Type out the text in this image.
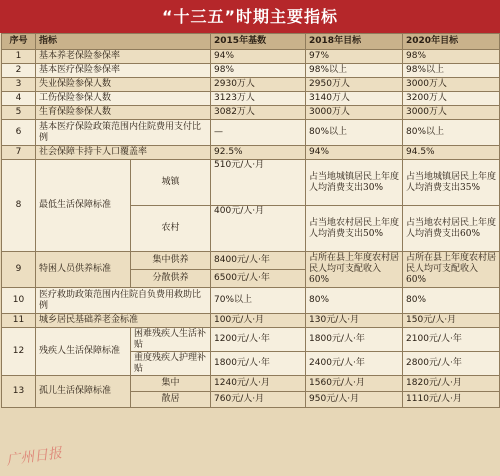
“十三五”时期主要指标
序号	指标		2015年基数	2018年目标	2020年目标
1	基本养老保险参保率		94%	97%	98%
2	基本医疗保险参保率		98%	98%以上	98%以上
3	失业保险参保人数		2930万人	2950万人	3000万人
4	工伤保险参保人数		3123万人	3140万人	3200万人
5	生育保险参保人数		3082万人	3000万人	3000万人
6	基本医疗保险政策范围内住院费用支付比例		—	80%以上	80%以上
7	社会保障卡持卡人口覆盖率		92.5%	94%	94.5%
8	最低生活保障标准	城镇	510元/人·月	占当地城镇居民上年度人均消费支出30%	占当地城镇居民上年度人均消费支出35%
		农村	400元/人·月	占当地农村居民上年度人均消费支出50%	占当地农村居民上年度人均消费支出60%
9	特困人员供养标准	集中供养	8400元/人·年	占所在县上年度农村居民人均可支配收入60%	占所在县上年度农村居民人均可支配收入60%
		分散供养	6500元/人·年		
10	医疗救助政策范围内住院自负费用救助比例		70%以上	80%	80%
11	城乡居民基础养老金标准		100元/人·月	130元/人·月	150元/人·月
12	残疾人生活保障标准	困难残疾人生活补贴	1200元/人·年	1800元/人·年	2100元/人·年
		重度残疾人护理补贴	1800元/人·年	2400元/人·年	2800元/人·年
13	孤儿生活保障标准	集中	1240元/人·月	1560元/人·月	1820元/人·月
		散居	760元/人·月	950元/人·月	1110元/人·月
广州日报
